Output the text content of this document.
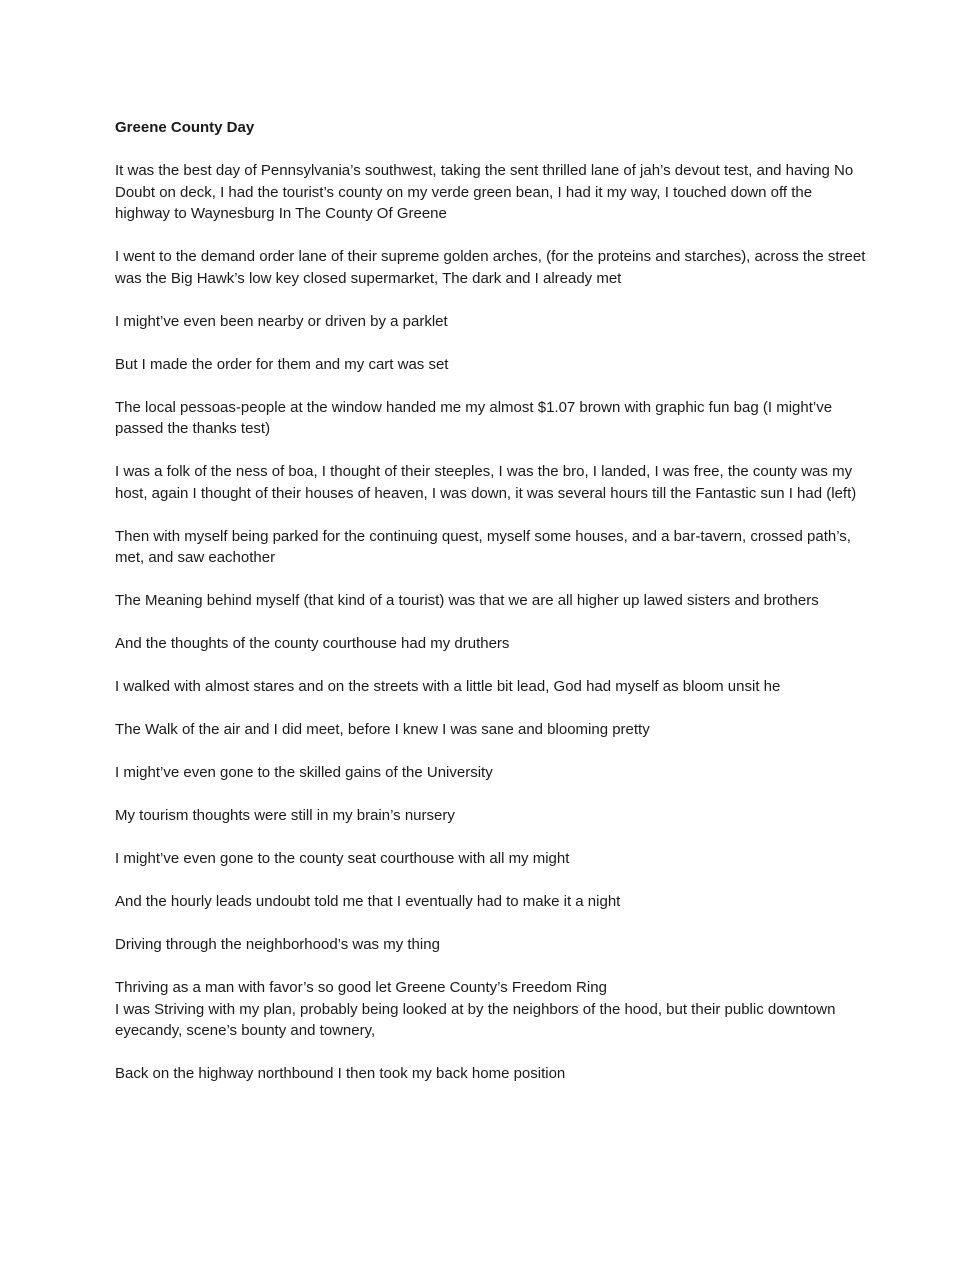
Greene County Day

It was the best day of Pennsylvania’s southwest, taking the sent thrilled lane of jah’s devout test, and having No Doubt on deck, I had the tourist’s county on my verde green bean, I had it my way, I touched down off the highway to Waynesburg In The County Of Greene

I went to the demand order lane of their supreme golden arches, (for the proteins and starches), across the street was the Big Hawk’s low key closed supermarket, The dark and I already met

I might’ve even been nearby or driven by a parklet

But I made the order for them and my cart was set

The local pessoas-people at the window handed me my almost $1.07 brown with graphic fun bag (I might’ve passed the thanks test)

I was a folk of the ness of boa, I thought of their steeples, I was the bro, I landed, I was free, the county was my host, again I thought of their houses of heaven, I was down, it was several hours till the Fantastic sun I had (left)

Then with myself being parked for the continuing quest, myself some houses, and a bar-tavern, crossed path’s, met, and saw eachother

The Meaning behind myself (that kind of a tourist) was that we are all higher up lawed sisters and brothers

And the thoughts of the county courthouse had my druthers

I walked with almost stares and on the streets with a little bit lead, God had myself as bloom unsit he

The Walk of the air and I did meet, before I knew I was sane and blooming pretty

I might’ve even gone to the skilled gains of the University

My tourism thoughts were still in my brain’s nursery

I might’ve even gone to the county seat courthouse with all my might

And the hourly leads undoubt told me that I eventually had to make it a night

Driving through the neighborhood’s was my thing

Thriving as a man with favor’s so good let Greene County’s Freedom Ring

I was Striving with my plan, probably being looked at by the neighbors of the hood, but their public downtown eyecandy, scene’s bounty and townery,

Back on the highway northbound I then took my back home position
